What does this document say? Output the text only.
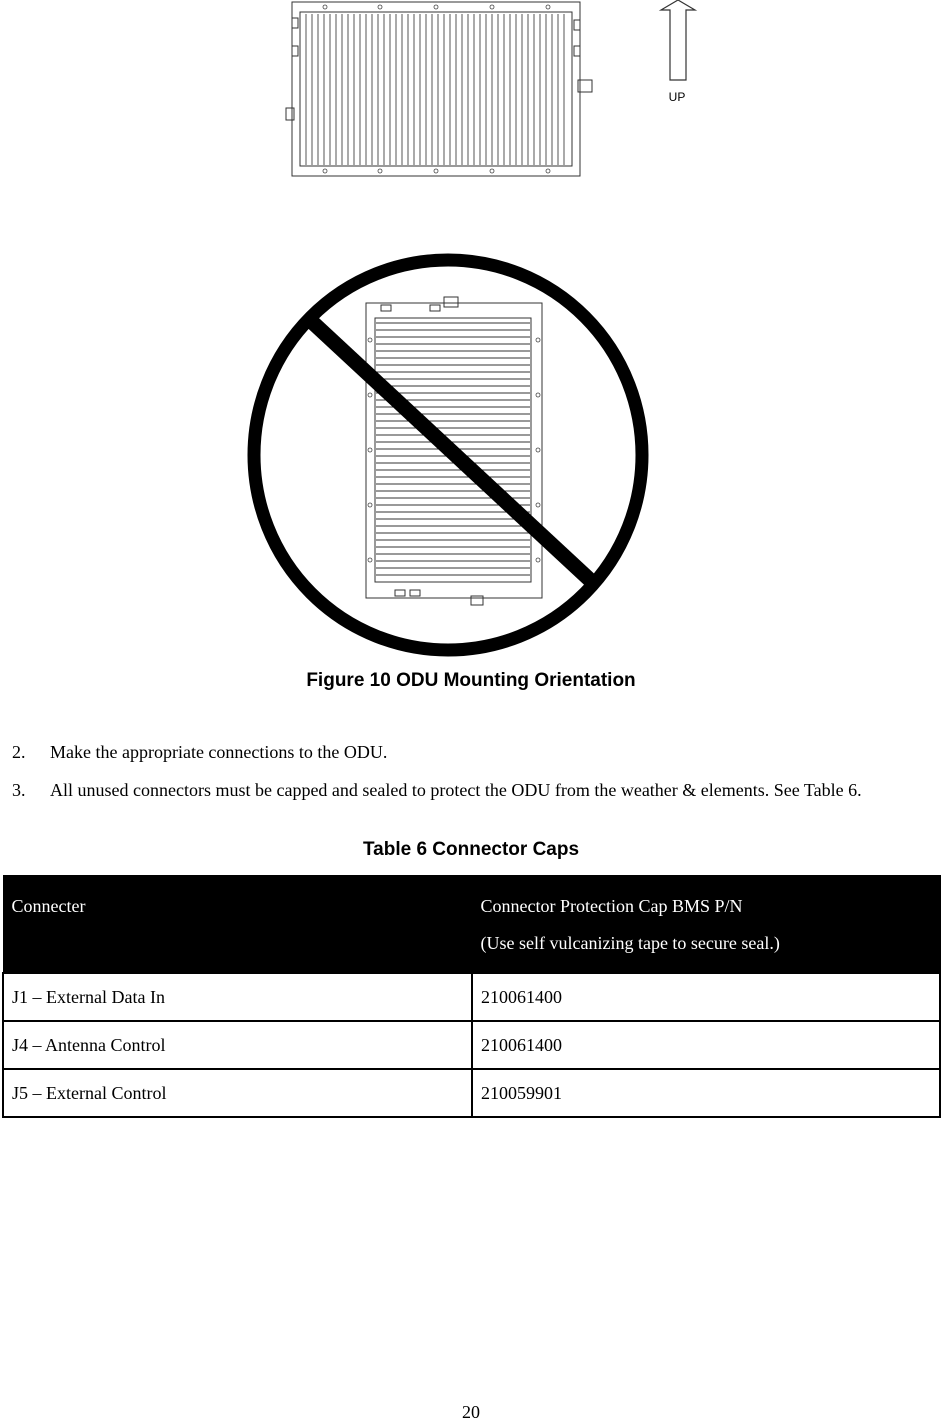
UP
Figure 10 ODU Mounting Orientation
2. Make the appropriate connections to the ODU.
3. All unused connectors must be capped and sealed to protect the ODU from the weather & elements. See Table 6.
Table 6 Connector Caps
Connecter	Connector Protection Cap BMS P/N
(Use self vulcanizing tape to secure seal.)

J1 – External Data In	210061400
J4 – Antenna Control	210061400
J5 – External Control	210059901
20
